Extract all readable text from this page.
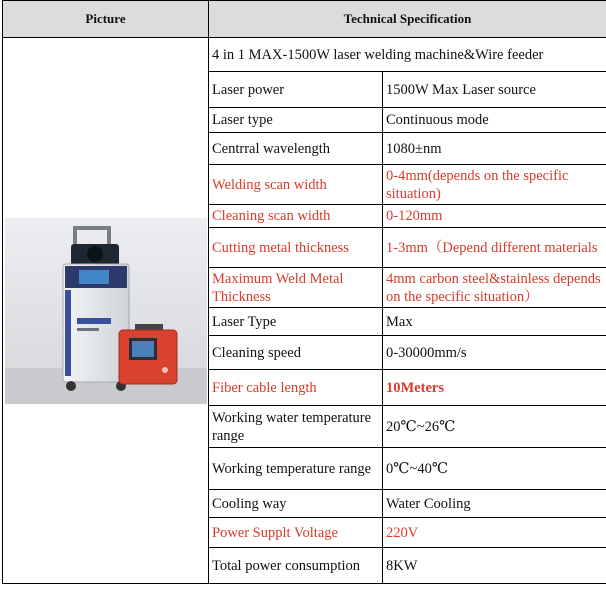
Picture	Technical Specification	

	4 in 1 MAX-1500W laser welding machine&Wire feeder	
	Laser power	1500W Max Laser source
	Laser type	Continuous mode
	Centrral wavelength	1080±nm
	Welding scan width	0-4mm(depends on the specific situation)
	Cleaning scan width	0-120mm
	Cutting metal thickness	1-3mm（Depend different materials
	Maximum Weld Metal Thickness	4mm carbon steel&stainless depends on the specific situation）
	Laser Type	Max
	Cleaning speed	0-30000mm/s
	Fiber cable length	10Meters
	Working water temperature range	20℃~26℃
	Working temperature range	0℃~40℃
	Cooling way	Water Cooling
	Power Supplt Voltage	220V
	Total power consumption	8KW
